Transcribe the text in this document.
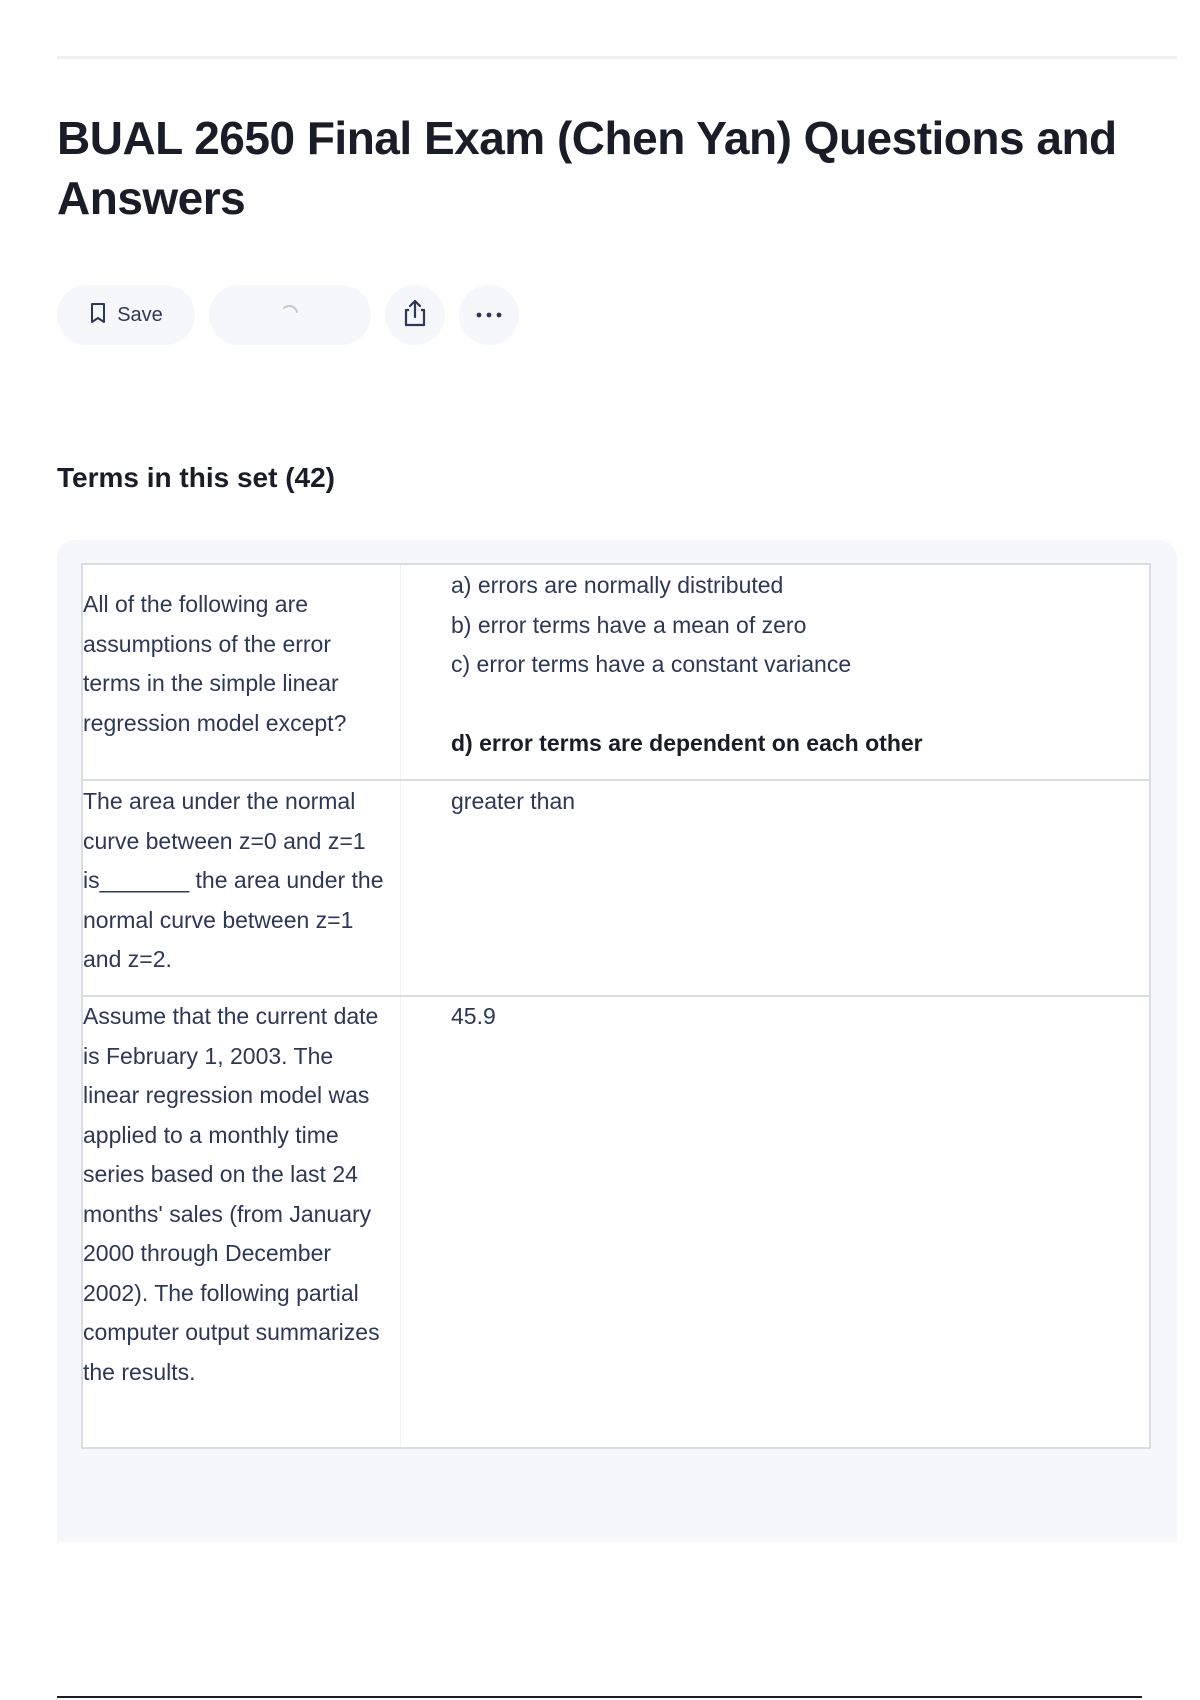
BUAL 2650 Final Exam (Chen Yan) Questions and Answers
Save
Terms in this set (42)
All of the following are assumptions of the error terms in the simple linear regression model except?
a) errors are normally distributed
b) error terms have a mean of zero
c) error terms have a constant variance
d) error terms are dependent on each other
The area under the normal curve between z=0 and z=1 is_______ the area under the normal curve between z=1 and z=2.
greater than
Assume that the current date is February 1, 2003. The linear regression model was applied to a monthly time series based on the last 24 months' sales (from January 2000 through December 2002). The following partial computer output summarizes the results.
45.9
